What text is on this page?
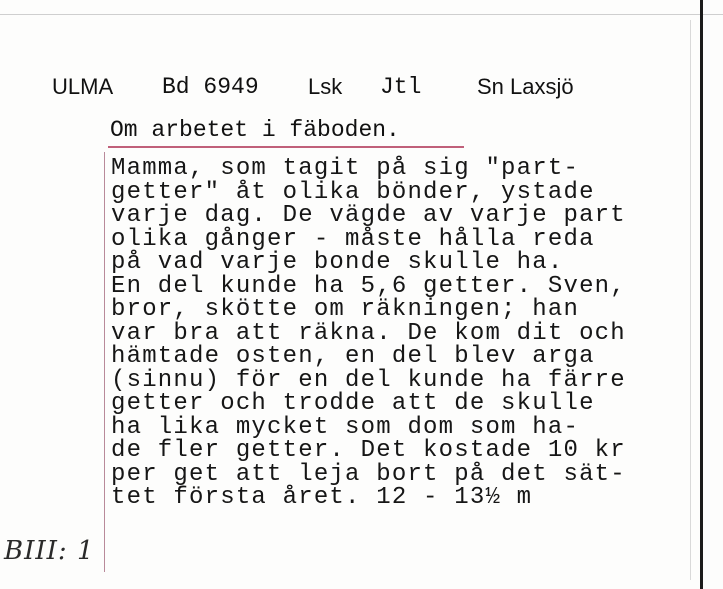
ULMA Bd 6949 Lsk Jtl	Sn Laxsjö
Om arbetet i fäboden.
Mamma, som tagit på sig "part-
getter" åt olika bönder, ystade
varje dag. De vägde av varje part
olika gånger - måste hålla reda
på vad varje bonde skulle ha.
En del kunde ha 5,6 getter. Sven,
bror, skötte om räkningen; han
var bra att räkna. De kom dit och
hämtade osten, en del blev arga
(sinnu) för en del kunde ha färre
getter och trodde att de skulle
ha lika mycket som dom som ha-
de fler getter. Det kostade 10 kr
per get att leja bort på det sät-
tet första året. 12 - 13½ m
BIII: 1
